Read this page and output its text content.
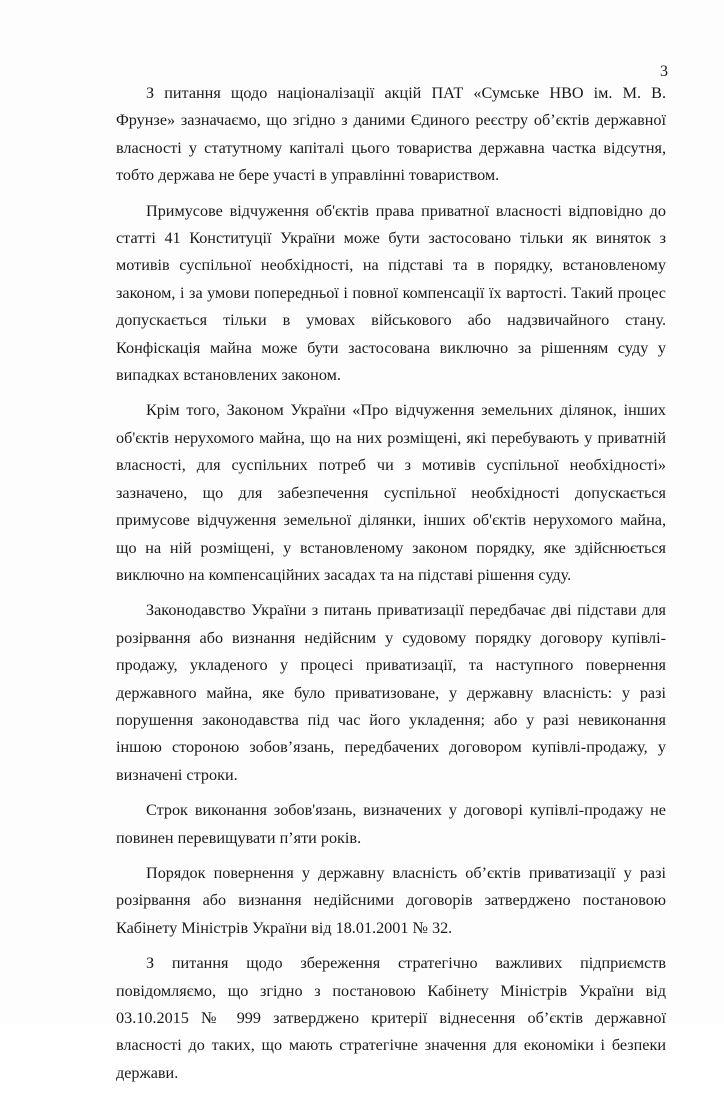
3

З питання щодо націоналізації акцій ПАТ «Сумське НВО ім. М. В. Фрунзе» зазначаємо, що згідно з даними Єдиного реєстру об’єктів державної власності у статутному капіталі цього товариства державна частка відсутня, тобто держава не бере участі в управлінні товариством.

Примусове відчуження об'єктів права приватної власності відповідно до статті 41 Конституції України може бути застосовано тільки як виняток з мотивів суспільної необхідності, на підставі та в порядку, встановленому законом, і за умови попередньої і повної компенсації їх вартості. Такий процес допускається тільки в умовах військового або надзвичайного стану. Конфіскація майна може бути застосована виключно за рішенням суду у випадках встановлених законом.

Крім того, Законом України «Про відчуження земельних ділянок, інших об'єктів нерухомого майна, що на них розміщені, які перебувають у приватній власності, для суспільних потреб чи з мотивів суспільної необхідності» зазначено, що для забезпечення суспільної необхідності допускається примусове відчуження земельної ділянки, інших об'єктів нерухомого майна, що на ній розміщені, у встановленому законом порядку, яке здійснюється виключно на компенсаційних засадах та на підставі рішення суду.

Законодавство України з питань приватизації передбачає дві підстави для розірвання або визнання недійсним у судовому порядку договору купівлі-продажу, укладеного у процесі приватизації, та наступного повернення державного майна, яке було приватизоване, у державну власність: у разі порушення законодавства під час його укладення; або у разі невиконання іншою стороною зобов’язань, передбачених договором купівлі-продажу, у визначені строки.

Строк виконання зобов'язань, визначених у договорі купівлі-продажу не повинен перевищувати п’яти років.

Порядок повернення у державну власність об’єктів приватизації у разі розірвання або визнання недійсними договорів затверджено постановою Кабінету Міністрів України від 18.01.2001 № 32.

З питання щодо збереження стратегічно важливих підприємств повідомляємо, що згідно з постановою Кабінету Міністрів України від 03.10.2015 № 999 затверджено критерії віднесення об’єктів державної власності до таких, що мають стратегічне значення для економіки і безпеки держави.
